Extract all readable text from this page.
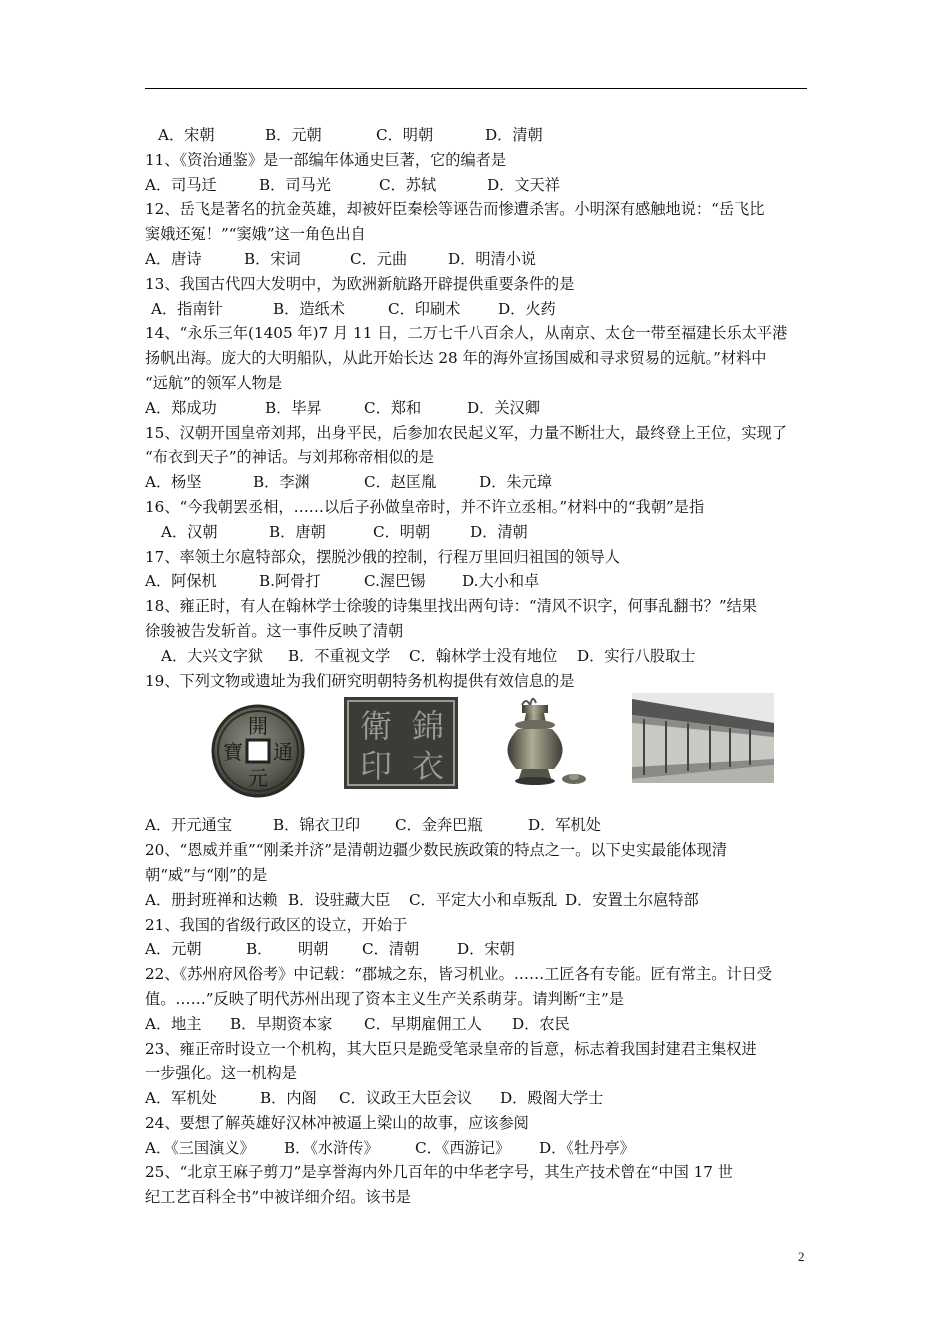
A．宋朝	B．元朝	C．明朝	D．清朝
11、《资治通鉴》是一部编年体通史巨著，它的编者是
A．司马迁	B．司马光	C．苏轼	D．文天祥
12、岳飞是著名的抗金英雄，却被奸臣秦桧等诬告而惨遭杀害。小明深有感触地说：“岳飞比
窦娥还冤！”“窦娥”这一角色出自
A．唐诗	B．宋词	C．元曲	D．明清小说
13、我国古代四大发明中，为欧洲新航路开辟提供重要条件的是
A．指南针	B．造纸术	C．印刷术 D．火药
14、“永乐三年(1405 年)7 月 11 日，二万七千八百余人，从南京、太仓一带至福建长乐太平港
扬帆出海。庞大的大明船队，从此开始长达 28 年的海外宣扬国威和寻求贸易的远航。”材料中
“远航”的领军人物是
A．郑成功	B．毕昇	C．郑和	D．关汉卿
15、汉朝开国皇帝刘邦，出身平民，后参加农民起义军，力量不断壮大，最终登上王位，实现了
“布衣到天子”的神话。与刘邦称帝相似的是
A．杨坚	B．李渊	C．赵匡胤	D．朱元璋
16、“今我朝罢丞相，……以后子孙做皇帝时，并不许立丞相。”材料中的“我朝”是指
A．汉朝	B．唐朝	C．明朝	D．清朝
17、率领土尔扈特部众，摆脱沙俄的控制，行程万里回归祖国的领导人
A．阿保机	B.阿骨打	C.渥巴锡 D.大小和卓
18、雍正时，有人在翰林学士徐骏的诗集里找出两句诗：“清风不识字，何事乱翻书？”结果
徐骏被告发斩首。这一事件反映了清朝
A．大兴文字狱 B．不重视文学 C．翰林学士没有地位 D．实行八股取士
19、下列文物或遗址为我们研究明朝特务机构提供有效信息的是
開
通
元
寶
錦
衣
衛
印
A．开元通宝	B．锦衣卫印 C．金奔巴瓶	D．军机处
20、“恩威并重”“刚柔并济”是清朝边疆少数民族政策的特点之一。以下史实最能体现清
朝“威”与“刚”的是
A．册封班禅和达赖 B．设驻藏大臣 C．平定大小和卓叛乱 D．安置土尔扈特部
21、我国的省级行政区的设立，开始于
A．元朝	B． 明朝 C．清朝 D．宋朝
22、《苏州府风俗考》中记载：“郡城之东，皆习机业。……工匠各有专能。匠有常主。计日受
值。……”反映了明代苏州出现了资本主义生产关系萌芽。请判断“主”是
A．地主 B．早期资本家 C．早期雇佣工人 D．农民
23、雍正帝时设立一个机构，其大臣只是跪受笔录皇帝的旨意，标志着我国封建君主集权进
一步强化。这一机构是
A．军机处	B．内阁 C．议政王大臣会议 D．殿阁大学士
24、要想了解英雄好汉林冲被逼上梁山的故事，应该参阅
A．《三国演义》 B．《水浒传》 C．《西游记》 D．《牡丹亭》
25、“北京王麻子剪刀”是享誉海内外几百年的中华老字号，其生产技术曾在“中国 17 世
纪工艺百科全书”中被详细介绍。该书是
2
